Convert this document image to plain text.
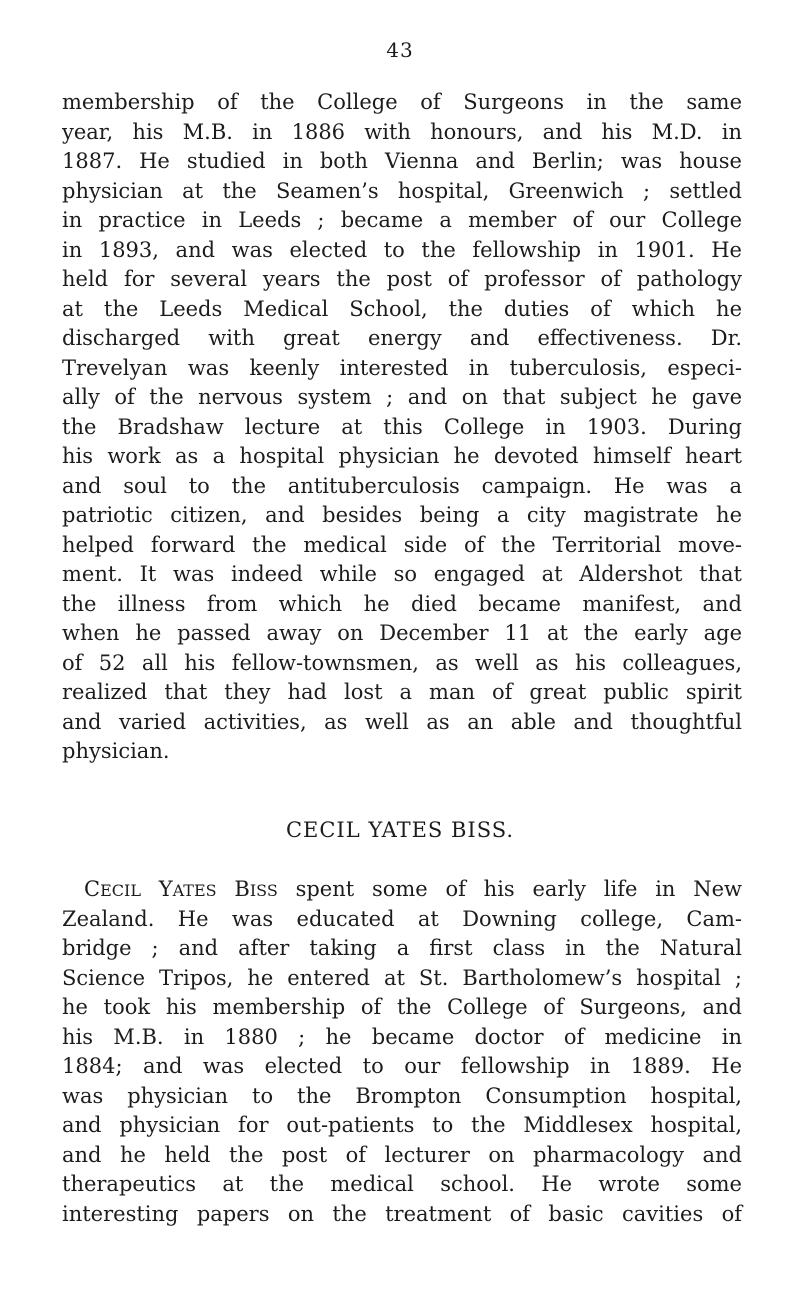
43
membership of the College of Surgeons in the same
year, his M.B. in 1886 with honours, and his M.D. in
1887. He studied in both Vienna and Berlin; was house
physician at the Seamen’s hospital, Greenwich ; settled
in practice in Leeds ; became a member of our College
in 1893, and was elected to the fellowship in 1901. He
held for several years the post of professor of pathology
at the Leeds Medical School, the duties of which he
discharged with great energy and effectiveness. Dr.
Trevelyan was keenly interested in tuberculosis, especi-
ally of the nervous system ; and on that subject he gave
the Bradshaw lecture at this College in 1903. During
his work as a hospital physician he devoted himself heart
and soul to the antituberculosis campaign. He was a
patriotic citizen, and besides being a city magistrate he
helped forward the medical side of the Territorial move-
ment. It was indeed while so engaged at Aldershot that
the illness from which he died became manifest, and
when he passed away on December 11 at the early age
of 52 all his fellow-townsmen, as well as his colleagues,
realized that they had lost a man of great public spirit
and varied activities, as well as an able and thoughtful
physician.
CECIL YATES BISS.
CECIL YATES BISS spent some of his early life in New
Zealand. He was educated at Downing college, Cam-
bridge ; and after taking a first class in the Natural
Science Tripos, he entered at St. Bartholomew’s hospital ;
he took his membership of the College of Surgeons, and
his M.B. in 1880 ; he became doctor of medicine in
1884; and was elected to our fellowship in 1889. He
was physician to the Brompton Consumption hospital,
and physician for out-patients to the Middlesex hospital,
and he held the post of lecturer on pharmacology and
therapeutics at the medical school. He wrote some
interesting papers on the treatment of basic cavities of
